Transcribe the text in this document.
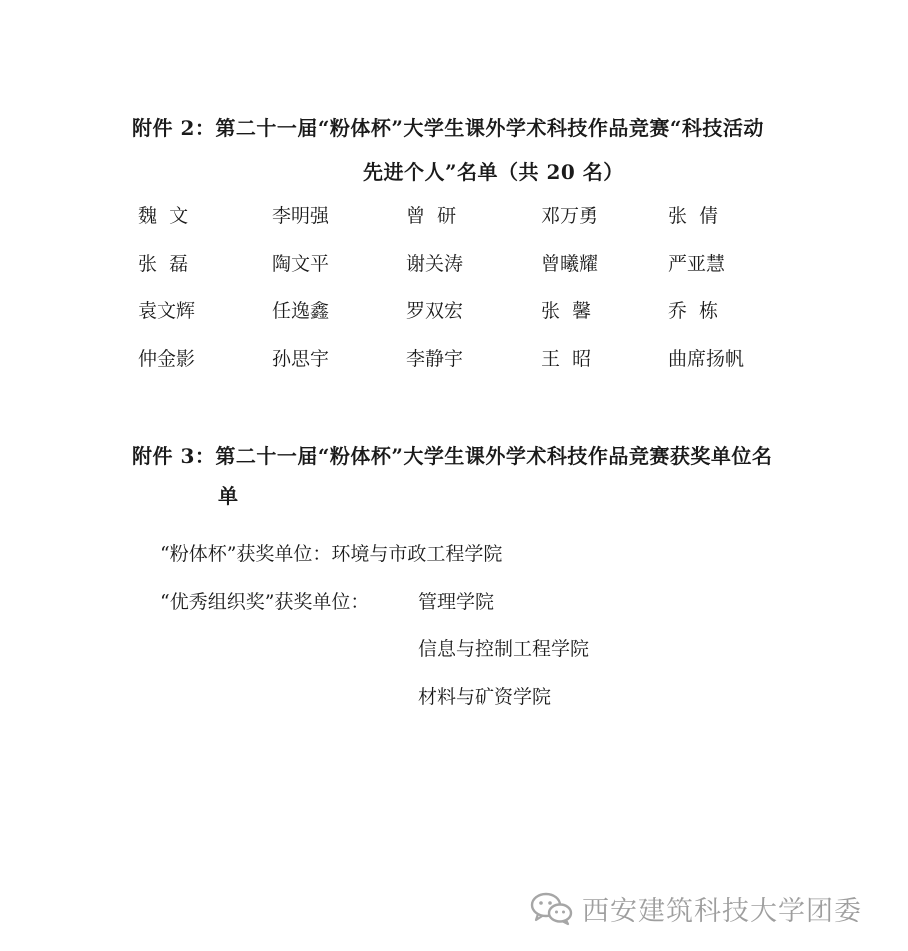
附件 2：第二十一届“粉体杯”大学生课外学术科技作品竞赛“科技活动
先进个人”名单（共 20 名）
魏  文	李明强	曾  研	邓万勇	张  倩
张  磊	陶文平	谢关涛	曾曦耀	严亚慧
袁文辉	任逸鑫	罗双宏	张  馨	乔  栋
仲金影	孙思宇	李静宇	王  昭	曲席扬帆
附件 3：第二十一届“粉体杯”大学生课外学术科技作品竞赛获奖单位名
单
“粉体杯”获奖单位：环境与市政工程学院
“优秀组织奖”获奖单位：	管理学院
信息与控制工程学院
材料与矿资学院
西安建筑科技大学团委
